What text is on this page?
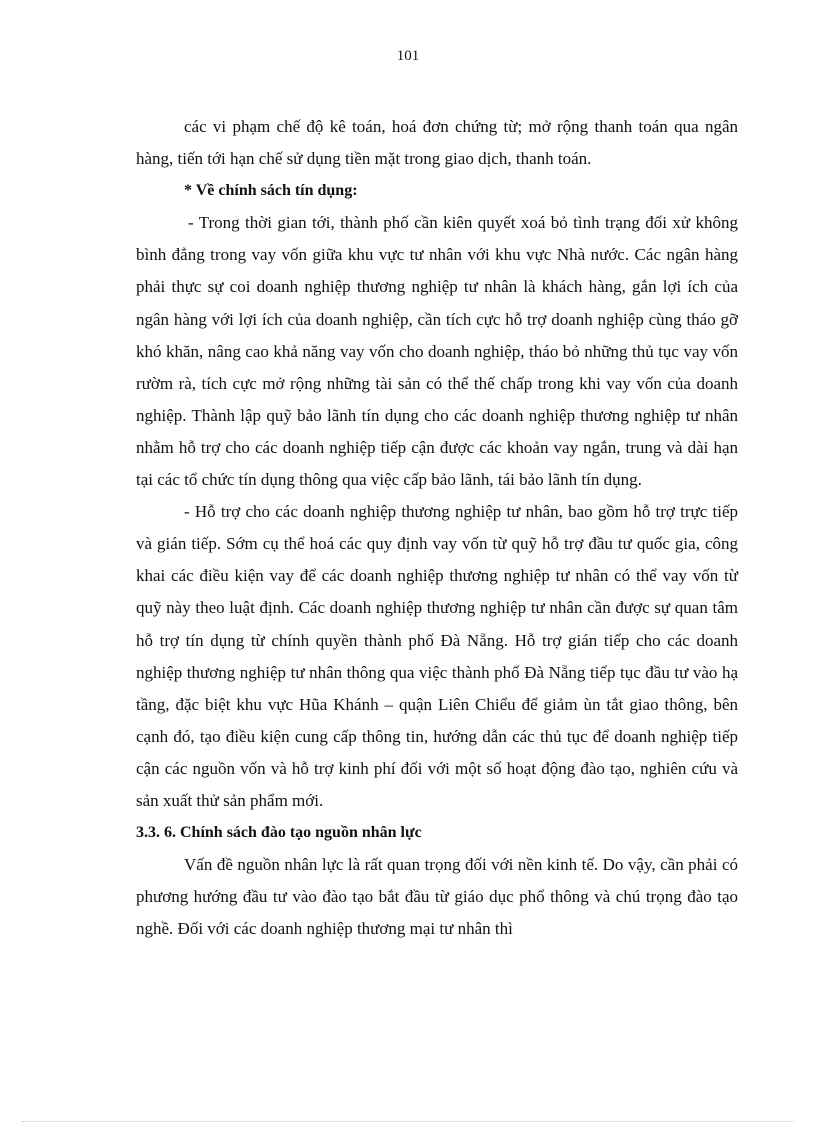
101

các vi phạm chế độ kê toán, hoá đơn chứng từ; mở rộng thanh toán qua ngân hàng, tiến tới hạn chế sử dụng tiền mặt trong giao dịch, thanh toán.

* Về chính sách tín dụng:

- Trong thời gian tới, thành phố cần kiên quyết xoá bỏ tình trạng đối xử không bình đẳng trong vay vốn giữa khu vực tư nhân với khu vực Nhà nước. Các ngân hàng phải thực sự coi doanh nghiệp thương nghiệp tư nhân là khách hàng, gắn lợi ích của ngân hàng với lợi ích của doanh nghiệp, cần tích cực hỗ trợ doanh nghiệp cùng tháo gỡ khó khăn, nâng cao khả năng vay vốn cho doanh nghiệp, tháo bỏ những thủ tục vay vốn rườm rà, tích cực mở rộng những tài sản có thể thế chấp trong khi vay vốn của doanh nghiệp. Thành lập quỹ bảo lãnh tín dụng cho các doanh nghiệp thương nghiệp tư nhân nhằm hỗ trợ cho các doanh nghiệp tiếp cận được các khoản vay ngắn, trung và dài hạn tại các tổ chức tín dụng thông qua việc cấp bảo lãnh, tái bảo lãnh tín dụng.

- Hỗ trợ cho các doanh nghiệp thương nghiệp tư nhân, bao gồm hỗ trợ trực tiếp và gián tiếp. Sớm cụ thể hoá các quy định vay vốn từ quỹ hỗ trợ đầu tư quốc gia, công khai các điều kiện vay để các doanh nghiệp thương nghiệp tư nhân có thể vay vốn từ quỹ này theo luật định. Các doanh nghiệp thương nghiệp tư nhân cần được sự quan tâm hỗ trợ tín dụng từ chính quyền thành phố Đà Nẵng. Hỗ trợ gián tiếp cho các doanh nghiệp thương nghiệp tư nhân thông qua việc thành phố Đà Nẵng tiếp tục đầu tư vào hạ tầng, đặc biệt khu vực Hũa Khánh – quận Liên Chiểu để giảm ùn tắt giao thông, bên cạnh đó, tạo điều kiện cung cấp thông tin, hướng dẫn các thủ tục để doanh nghiệp tiếp cận các nguồn vốn và hỗ trợ kinh phí đối với một số hoạt động đào tạo, nghiên cứu và sản xuất thử sản phẩm mới.

3.3. 6. Chính sách đào tạo nguồn nhân lực

Vấn đề nguồn nhân lực là rất quan trọng đối với nền kinh tế. Do vậy, cần phải có phương hướng đầu tư vào đào tạo bắt đầu từ giáo dục phổ thông và chú trọng đào tạo nghề. Đối với các doanh nghiệp thương mại tư nhân thì
